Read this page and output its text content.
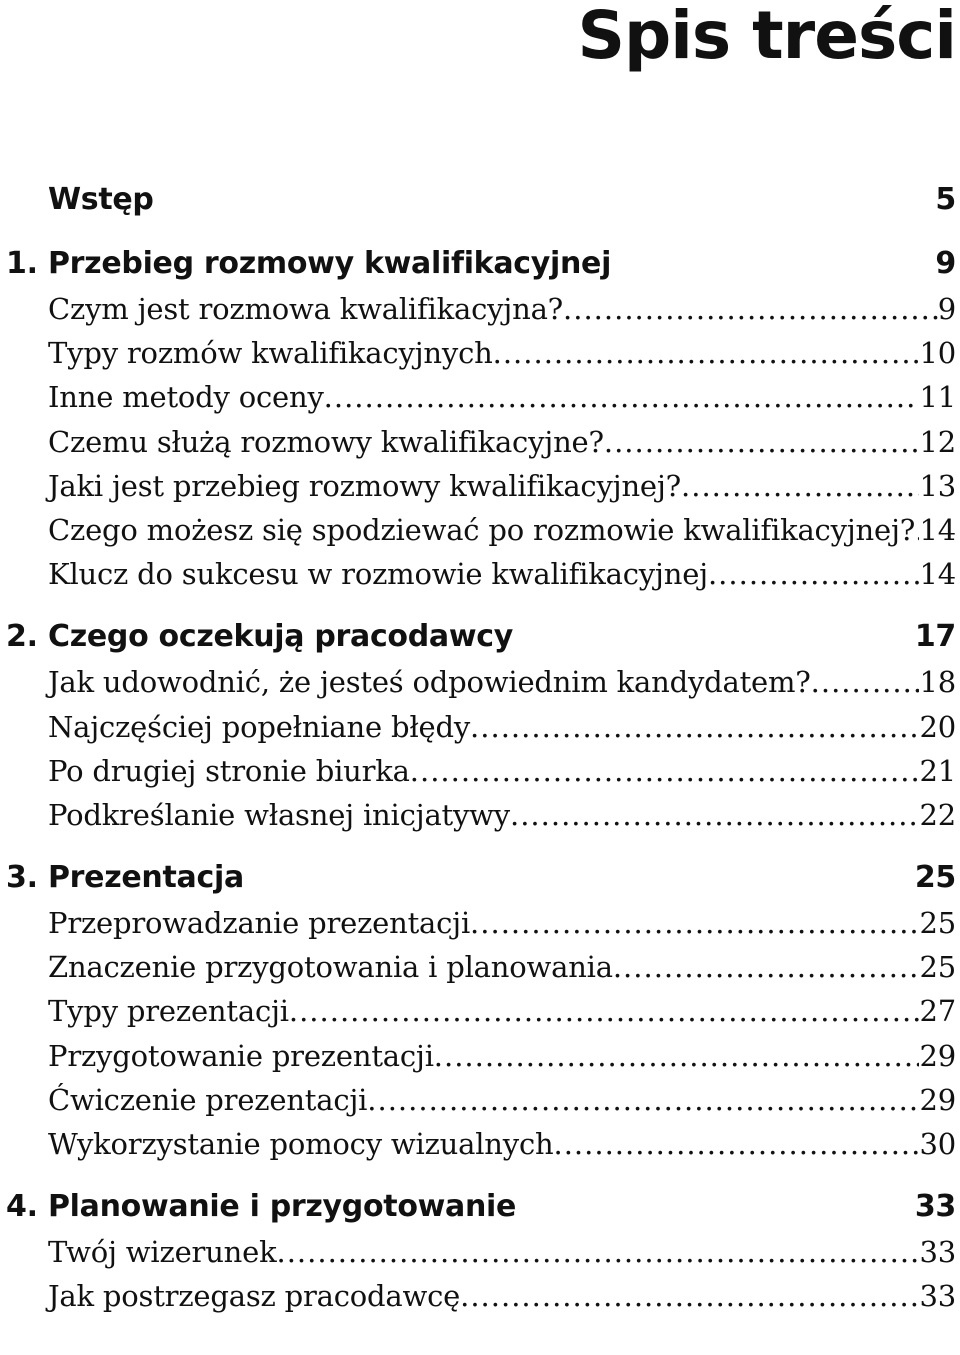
Spis treści
Wstęp	5
1. Przebieg rozmowy kwalifikacyjnej	9
Czym jest rozmowa kwalifikacyjna? .....	9
Typy rozmów kwalifikacyjnych .....	10
Inne metody oceny .....	11
Czemu służą rozmowy kwalifikacyjne? .....	12
Jaki jest przebieg rozmowy kwalifikacyjnej? .....	13
Czego możesz się spodziewać po rozmowie kwalifikacyjnej? ..... 14
Klucz do sukcesu w rozmowie kwalifikacyjnej .....	14
2. Czego oczekują pracodawcy	17
Jak udowodnić, że jesteś odpowiednim kandydatem? .....	18
Najczęściej popełniane błędy .....	20
Po drugiej stronie biurka .....	21
Podkreślanie własnej inicjatywy .....	22
3. Prezentacja	25
Przeprowadzanie prezentacji .....	25
Znaczenie przygotowania i planowania .....	25
Typy prezentacji .....	27
Przygotowanie prezentacji .....	29
Ćwiczenie prezentacji .....	29
Wykorzystanie pomocy wizualnych .....	30
4. Planowanie i przygotowanie	33
Twój wizerunek .....	33
Jak postrzegasz pracodawcę .....	33
